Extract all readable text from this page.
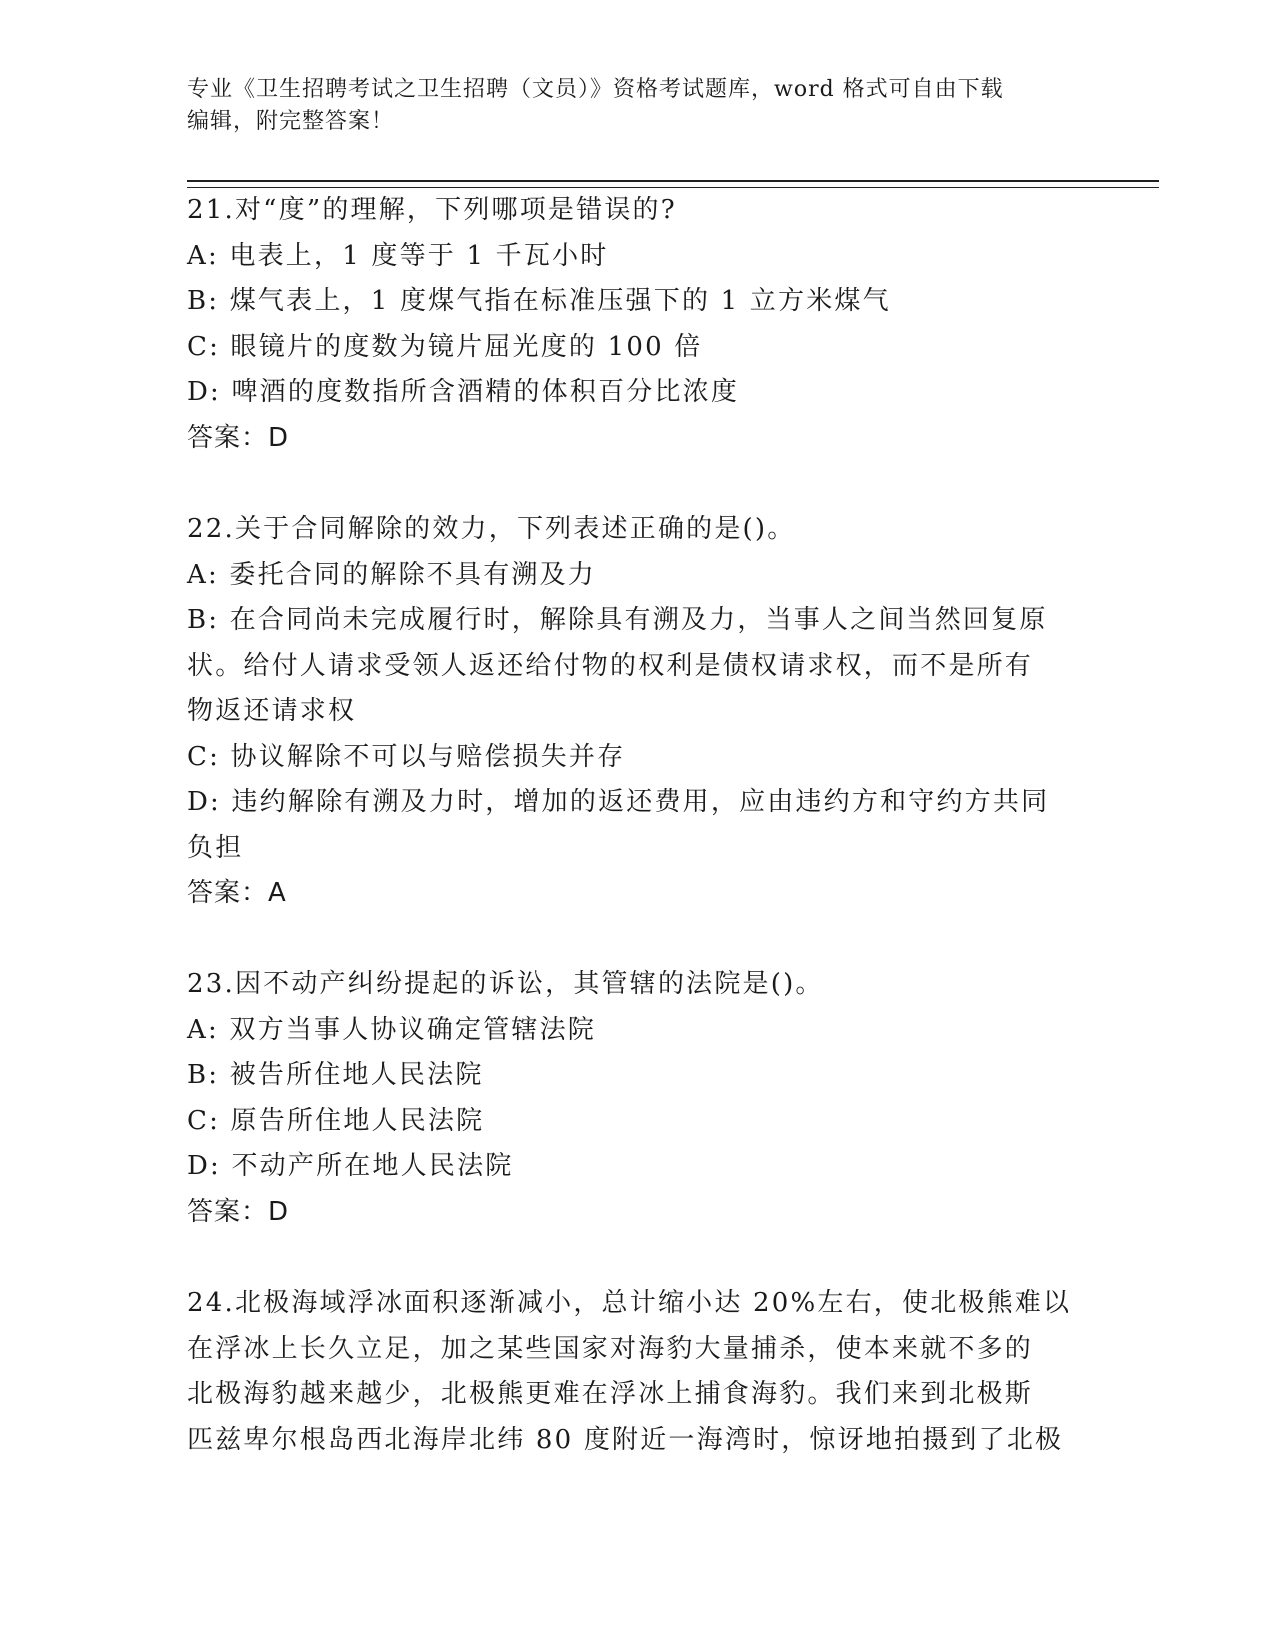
专业《卫生招聘考试之卫生招聘（文员）》资格考试题库，word 格式可自由下载
编辑，附完整答案！
21.对“度”的理解，下列哪项是错误的?
A: 电表上，1 度等于 1 千瓦小时
B: 煤气表上，1 度煤气指在标准压强下的 1 立方米煤气
C: 眼镜片的度数为镜片屈光度的 100 倍
D: 啤酒的度数指所含酒精的体积百分比浓度
答案：D
22.关于合同解除的效力，下列表述正确的是()。
A: 委托合同的解除不具有溯及力
B: 在合同尚未完成履行时，解除具有溯及力，当事人之间当然回复原
状。给付人请求受领人返还给付物的权利是债权请求权，而不是所有
物返还请求权
C: 协议解除不可以与赔偿损失并存
D: 违约解除有溯及力时，增加的返还费用，应由违约方和守约方共同
负担
答案：A
23.因不动产纠纷提起的诉讼，其管辖的法院是()。
A: 双方当事人协议确定管辖法院
B: 被告所住地人民法院
C: 原告所住地人民法院
D: 不动产所在地人民法院
答案：D
24.北极海域浮冰面积逐渐减小，总计缩小达 20%左右，使北极熊难以
在浮冰上长久立足，加之某些国家对海豹大量捕杀，使本来就不多的
北极海豹越来越少，北极熊更难在浮冰上捕食海豹。我们来到北极斯
匹兹卑尔根岛西北海岸北纬 80 度附近一海湾时，惊讶地拍摄到了北极
